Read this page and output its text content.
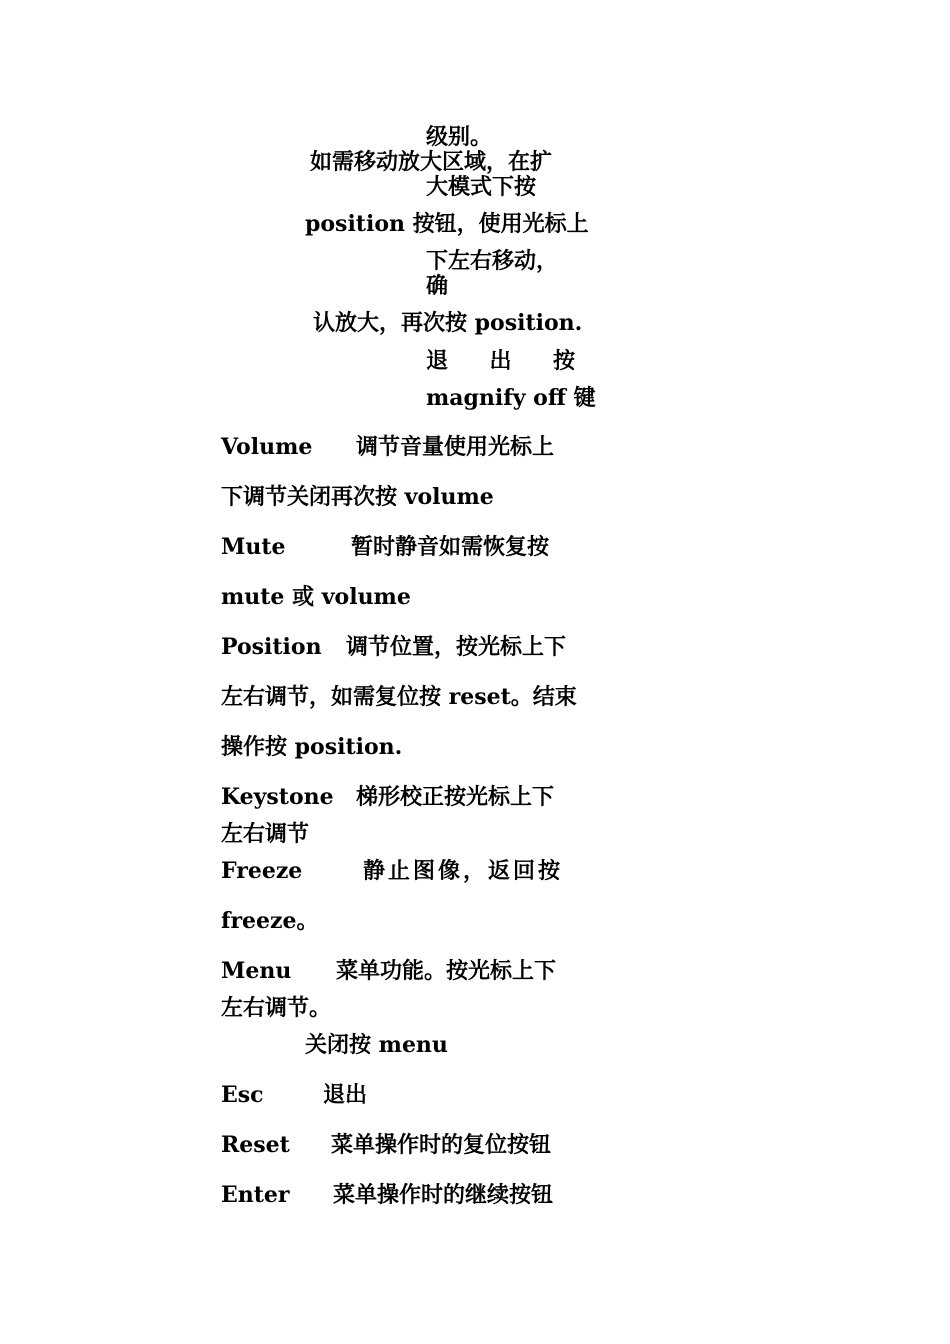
级别。
如需移动放大区域，在扩
大模式下按
position 按钮，使用光标上
下左右移动，
确
认放大，再次按 position.
退 出 按
magnify off 键
Volume 调节音量使用光标上
下调节关闭再次按 volume
Mute	暂时静音如需恢复按
mute 或 volume
Position 调节位置，按光标上下
左右调节，如需复位按 reset。结束
操作按 position.
Keystone 梯形校正按光标上下
左右调节
Freeze	静止图像，返回按
freeze。
Menu 菜单功能。按光标上下
左右调节。
关闭按 menu
Esc	退出
Reset 菜单操作时的复位按钮
Enter 菜单操作时的继续按钮
